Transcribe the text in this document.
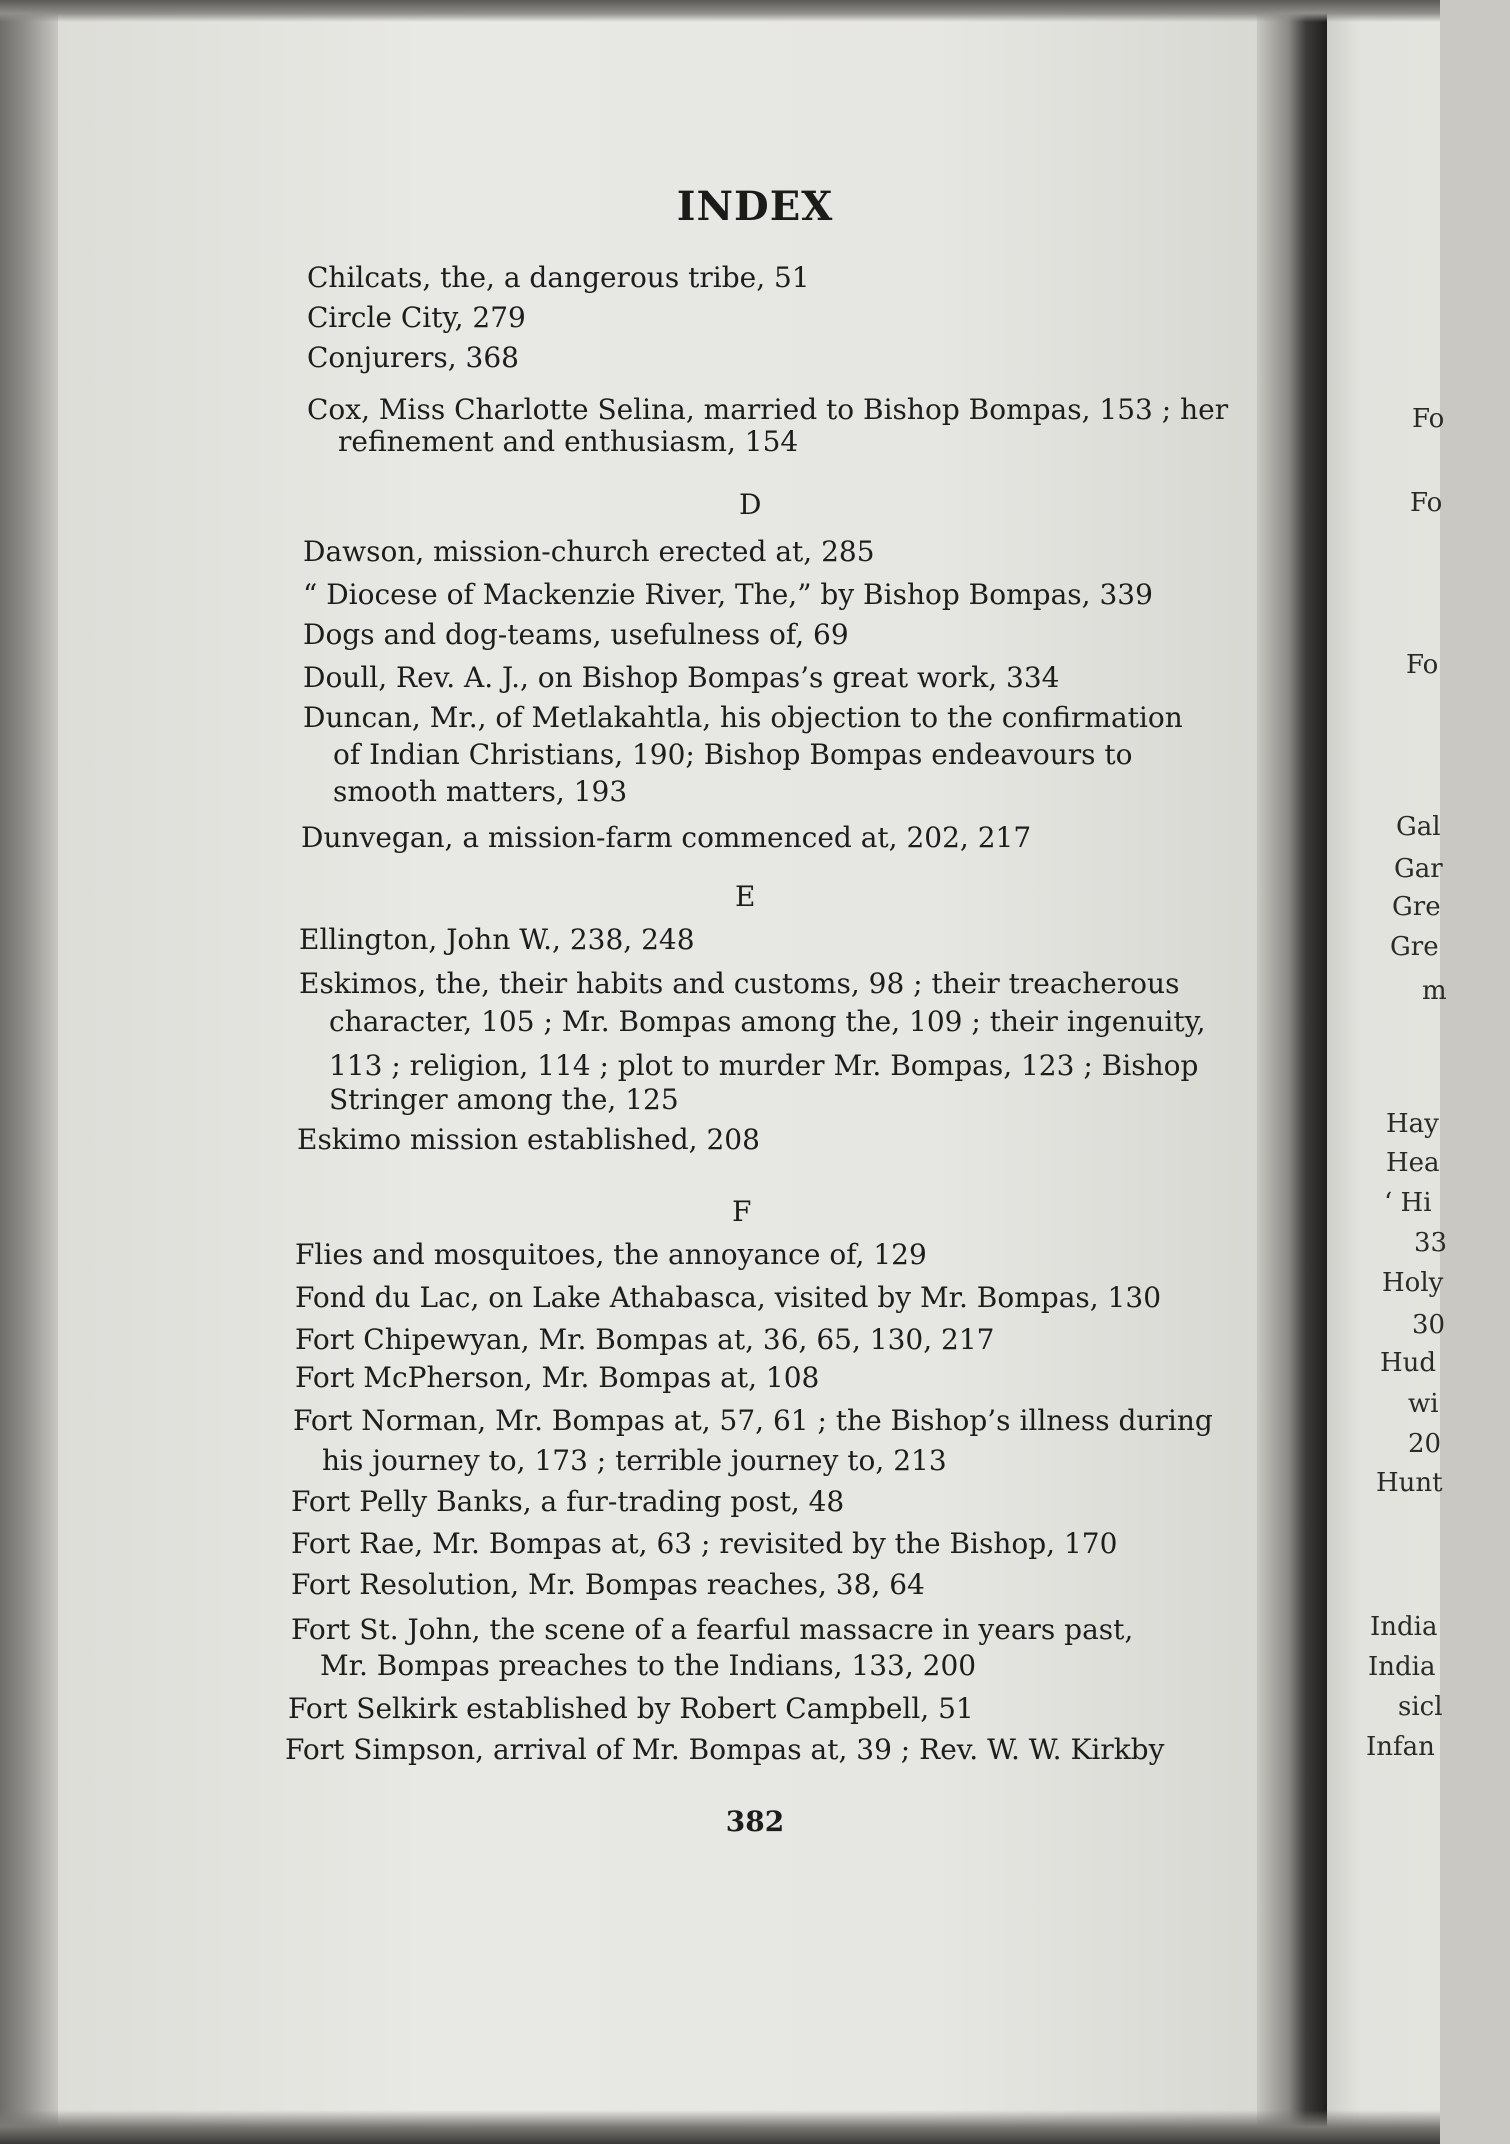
INDEX
Chilcats, the, a dangerous tribe, 51
Circle City, 279
Conjurers, 368
Cox, Miss Charlotte Selina, married to Bishop Bompas, 153 ; her
refinement and enthusiasm, 154
D
Dawson, mission-church erected at, 285
“ Diocese of Mackenzie River, The,” by Bishop Bompas, 339
Dogs and dog-teams, usefulness of, 69
Doull, Rev. A. J., on Bishop Bompas’s great work, 334
Duncan, Mr., of Metlakahtla, his objection to the confirmation
of Indian Christians, 190; Bishop Bompas endeavours to
smooth matters, 193
Dunvegan, a mission-farm commenced at, 202, 217
E
Ellington, John W., 238, 248
Eskimos, the, their habits and customs, 98 ; their treacherous
character, 105 ; Mr. Bompas among the, 109 ; their ingenuity,
113 ; religion, 114 ; plot to murder Mr. Bompas, 123 ; Bishop
Stringer among the, 125
Eskimo mission established, 208
F
Flies and mosquitoes, the annoyance of, 129
Fond du Lac, on Lake Athabasca, visited by Mr. Bompas, 130
Fort Chipewyan, Mr. Bompas at, 36, 65, 130, 217
Fort McPherson, Mr. Bompas at, 108
Fort Norman, Mr. Bompas at, 57, 61 ; the Bishop’s illness during
his journey to, 173 ; terrible journey to, 213
Fort Pelly Banks, a fur-trading post, 48
Fort Rae, Mr. Bompas at, 63 ; revisited by the Bishop, 170
Fort Resolution, Mr. Bompas reaches, 38, 64
Fort St. John, the scene of a fearful massacre in years past,
Mr. Bompas preaches to the Indians, 133, 200
Fort Selkirk established by Robert Campbell, 51
Fort Simpson, arrival of Mr. Bompas at, 39 ; Rev. W. W. Kirkby
382
Fo
Fo
Fo
Gal
Gar
Gre
Gre
m
Hay
Hea
‘ Hi
33
Holy
30
Hud
wi
20
Hunt
India
India
sicl
Infan
